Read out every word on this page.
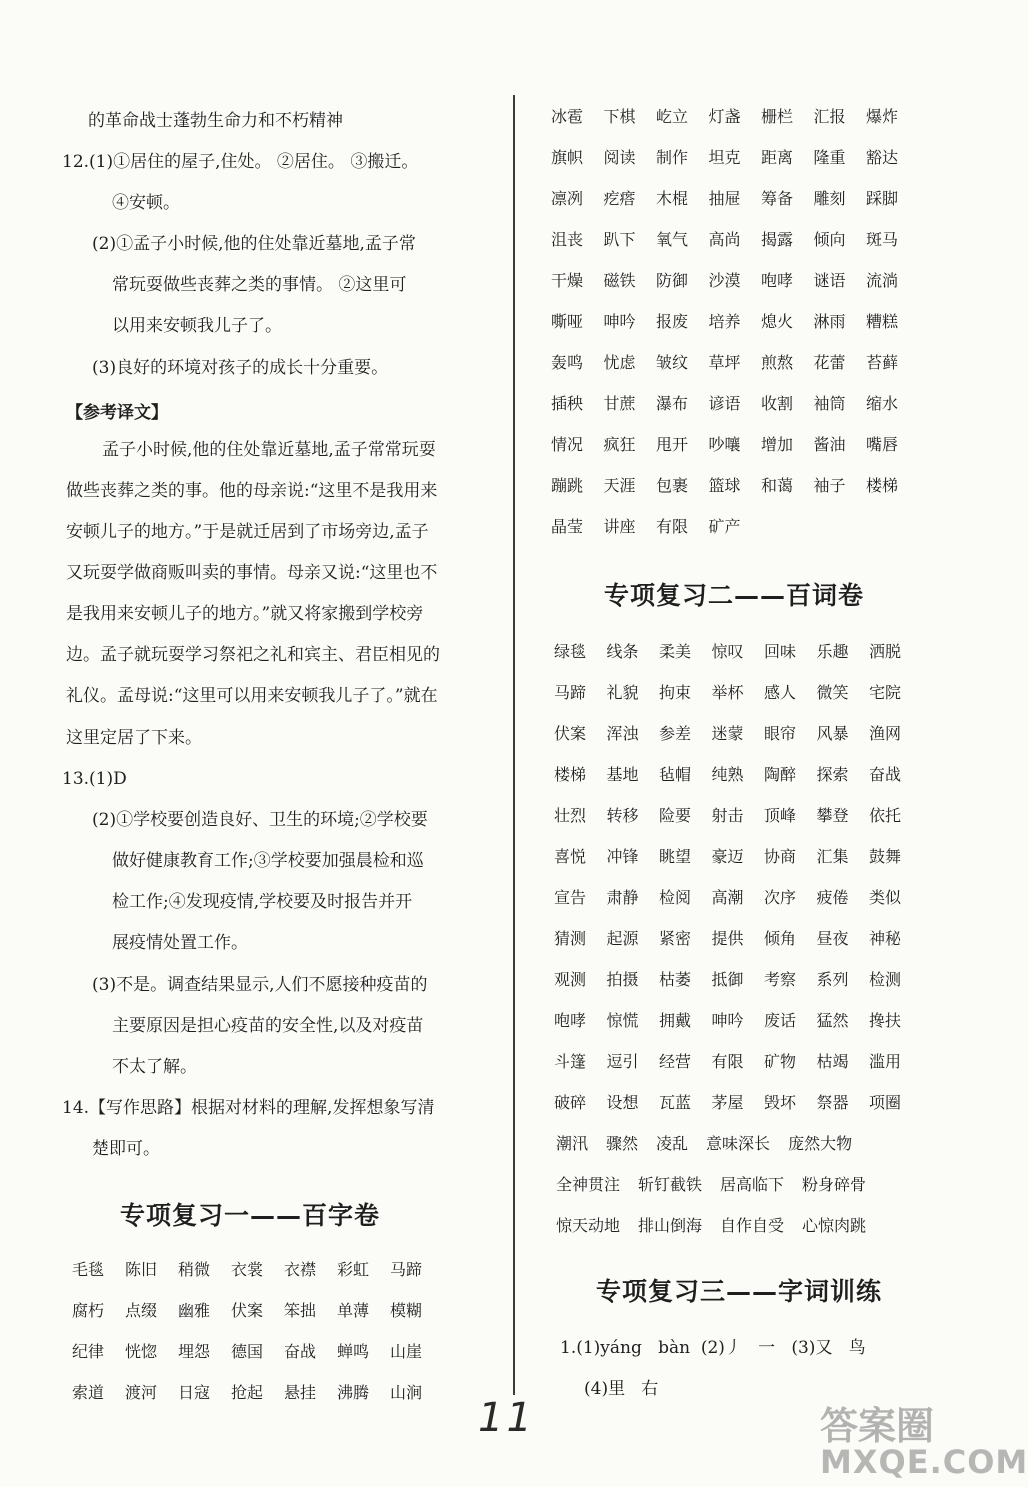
的革命战士蓬勃生命力和不朽精神
12.(1)①居住的屋子,住处。 ②居住。 ③搬迁。
④安顿。
(2)①孟子小时候,他的住处靠近墓地,孟子常
常玩耍做些丧葬之类的事情。 ②这里可
以用来安顿我儿子了。
(3)良好的环境对孩子的成长十分重要。
【参考译文】
孟子小时候,他的住处靠近墓地,孟子常常玩耍
做些丧葬之类的事。他的母亲说:“这里不是我用来
安顿儿子的地方。”于是就迁居到了市场旁边,孟子
又玩耍学做商贩叫卖的事情。母亲又说:“这里也不
是我用来安顿儿子的地方。”就又将家搬到学校旁
边。孟子就玩耍学习祭祀之礼和宾主、君臣相见的
礼仪。孟母说:“这里可以用来安顿我儿子了。”就在
这里定居了下来。
13.(1)D
(2)①学校要创造良好、卫生的环境;②学校要
做好健康教育工作;③学校要加强晨检和巡
检工作;④发现疫情,学校要及时报告并开
展疫情处置工作。
(3)不是。调查结果显示,人们不愿接种疫苗的
主要原因是担心疫苗的安全性,以及对疫苗
不太了解。
14.【写作思路】根据对材料的理解,发挥想象写清
楚即可。
专项复习一——百字卷
毛毯	陈旧	稍微	衣裳	衣襟	彩虹	马蹄
腐朽	点缀	幽雅	伏案	笨拙	单薄	模糊
纪律	恍惚	埋怨	德国	奋战	蝉鸣	山崖
索道	渡河	日寇	抢起	悬挂	沸腾	山涧
冰雹	下棋	屹立	灯盏	栅栏	汇报	爆炸
旗帜	阅读	制作	坦克	距离	隆重	豁达
凛冽	疙瘩	木棍	抽屉	筹备	雕刻	踩脚
沮丧	趴下	氧气	高尚	揭露	倾向	斑马
干燥	磁铁	防御	沙漠	咆哮	谜语	流淌
嘶哑	呻吟	报废	培养	熄火	淋雨	糟糕
轰鸣	忧虑	皱纹	草坪	煎熬	花蕾	苔藓
插秧	甘蔗	瀑布	谚语	收割	袖筒	缩水
情况	疯狂	甩开	吵嚷	增加	酱油	嘴唇
蹦跳	天涯	包裹	篮球	和蔼	袖子	楼梯
晶莹	讲座	有限	矿产
专项复习二——百词卷
绿毯	线条	柔美	惊叹	回味	乐趣	洒脱
马蹄	礼貌	拘束	举杯	感人	微笑	宅院
伏案	浑浊	参差	迷蒙	眼帘	风暴	渔网
楼梯	基地	毡帽	纯熟	陶醉	探索	奋战
壮烈	转移	险要	射击	顶峰	攀登	依托
喜悦	冲锋	眺望	豪迈	协商	汇集	鼓舞
宣告	肃静	检阅	高潮	次序	疲倦	类似
猜测	起源	紧密	提供	倾角	昼夜	神秘
观测	拍摄	枯萎	抵御	考察	系列	检测
咆哮	惊慌	拥戴	呻吟	废话	猛然	搀扶
斗篷	逗引	经营	有限	矿物	枯竭	滥用
破碎	设想	瓦蓝	茅屋	毁坏	祭器	项圈
潮汛 骤然 凌乱 意味深长 庞然大物
全神贯注 斩钉截铁 居高临下 粉身碎骨
惊天动地 排山倒海 自作自受 心惊肉跳
专项复习三——字词训练
1.(1)yáng   bàn  (2)丿   一   (3)又   鸟
(4)里   右
11	答案圈
MXQE.COM
